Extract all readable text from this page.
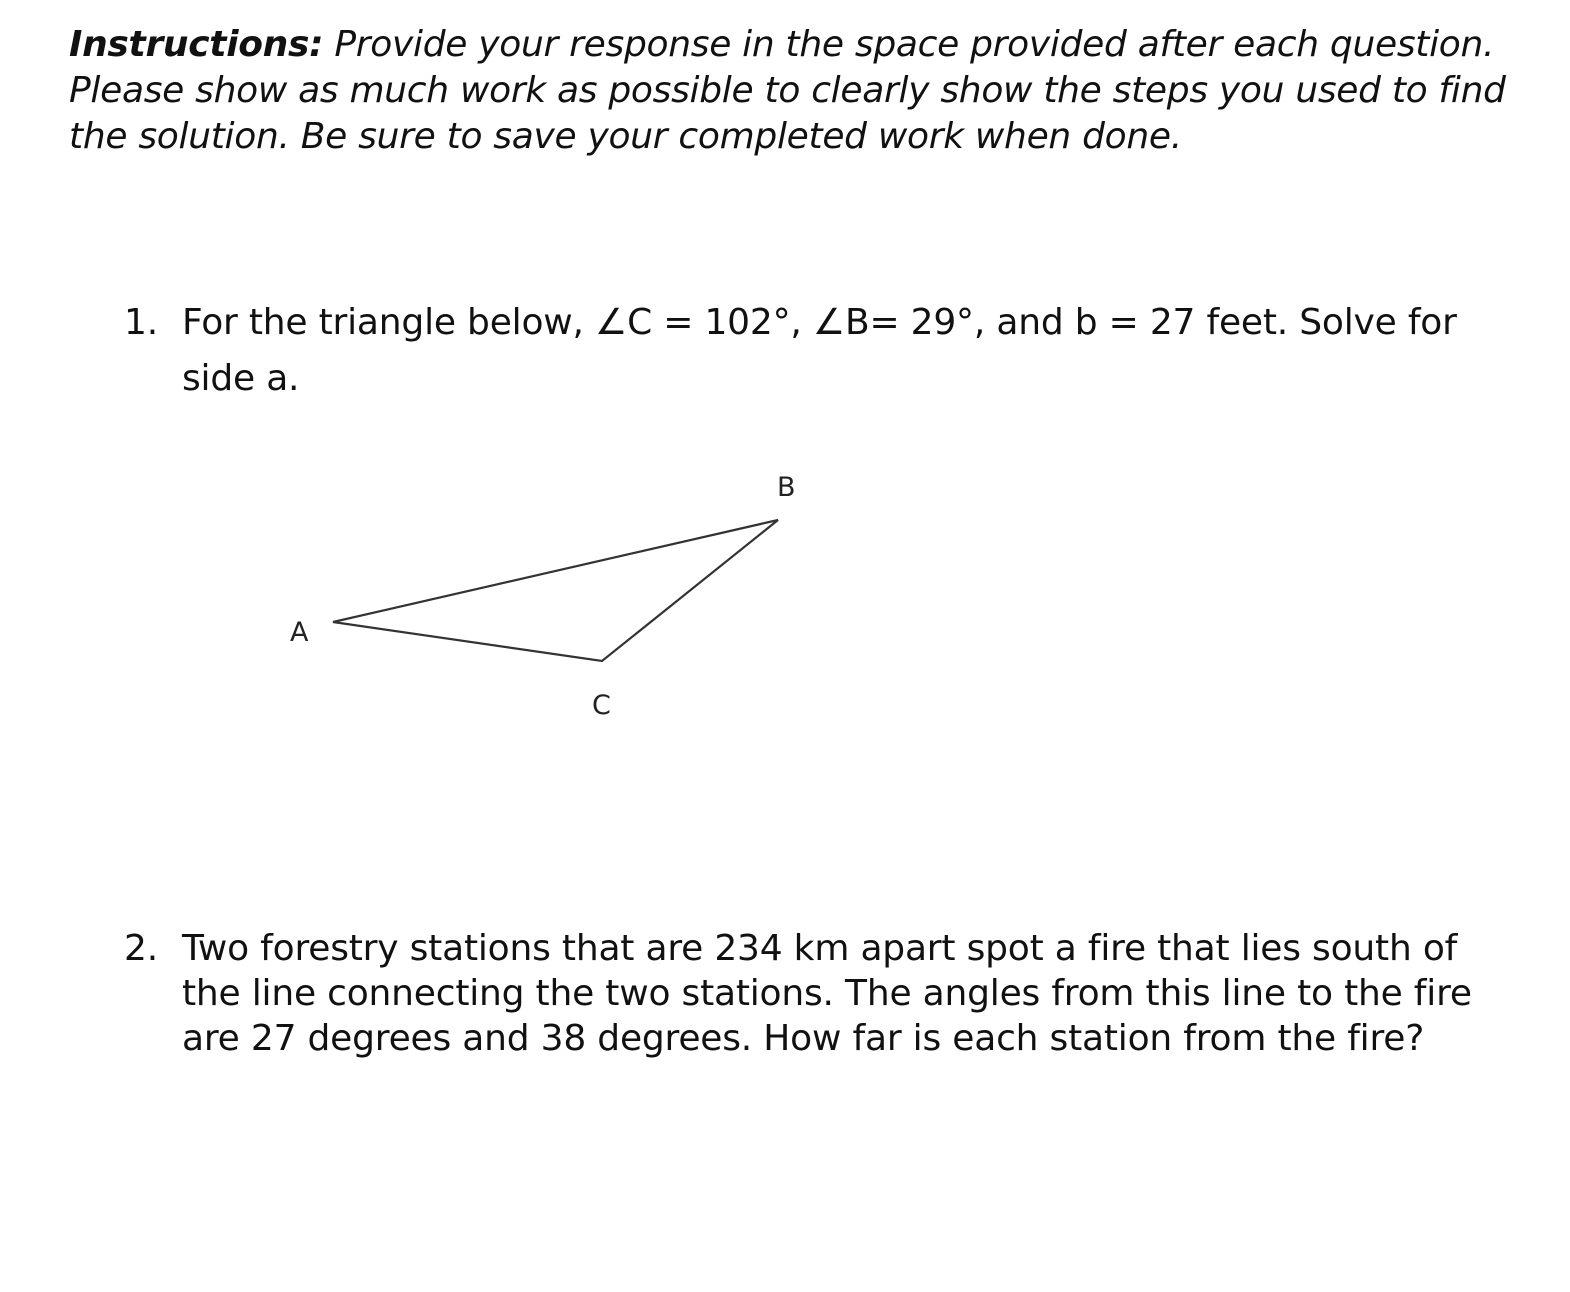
Instructions: Provide your response in the space provided after each question. Please show as much work as possible to clearly show the steps you used to find the solution. Be sure to save your completed work when done.
1. For the triangle below, ∠C = 102°, ∠B= 29°, and b = 27 feet. Solve for side a.
A
B
C
2. Two forestry stations that are 234 km apart spot a fire that lies south of the line connecting the two stations. The angles from this line to the fire are 27 degrees and 38 degrees. How far is each station from the fire?
